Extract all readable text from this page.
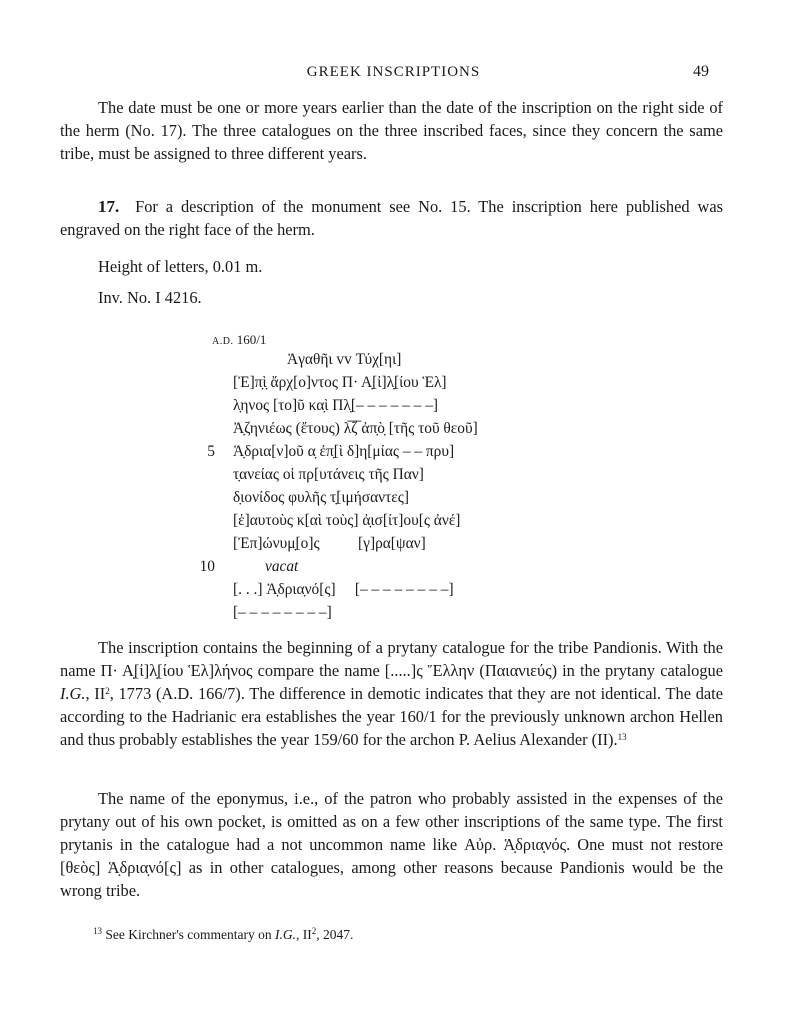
GREEK INSCRIPTIONS	49

The date must be one or more years earlier than the date of the inscription on the right side of the herm (No. 17). The three catalogues on the three inscribed faces, since they concern the same tribe, must be assigned to three different years.

17. For a description of the monument see No. 15. The inscription here published was engraved on the right face of the herm.

Height of letters, 0.01 m.

Inv. No. I 4216.

A.D. 160/1
Ἀγαθῆι vv Τύχ[ηι]
[Ἐ]π̣ὶ̣ ἄρχ[ο]ντος Π· Α̣[ἰ]λ̣[ίου Ἑλ]
λ̣ηνος [το]ῦ κα̣ὶ Πλ̣[– – – – – – –]
Ἀ̣ζηνιέως (ἔτους) λ̅ζ̅ ἀπ̣ὸ̣ [τῆς τοῦ θεοῦ]
5 Ἁ̣δρια[ν]οῦ α̣ ἐπ̣[ὶ δ]η[μίας – – πρυ]
τ̣ανείας οἱ πρ[υτάνεις τῆς Παν]
δ̣ιονίδος φυλῆς τ̣[ιμήσαντες]
[ἑ]αυτοὺς κ[αὶ τοὺς] ἀ̣ισ[ίτ]ου[ς ἀνέ]
[Ἐπ]ώνυμ̣[ο]ς          [γ]ρα[ψαν]
10	vacat
[. . .] Ἁ̣δρια̣νό[ς]     [– – – – – – – –]
[– – – – – – – –]

The inscription contains the beginning of a prytany catalogue for the tribe Pandionis. With the name Π· Α̣[ἰ]λ̣[ίου Ἑλ]λήνος compare the name [.....]ς Ἕλλην (Παιανιεύς) in the prytany catalogue I.G., $II^2$, 1773 (A.D. 166/7). The difference in demotic indicates that they are not identical. The date according to the Hadrianic era establishes the year 160/1 for the previously unknown archon Hellen and thus probably establishes the year 159/60 for the archon P. Aelius Alexander (II).$^{13}$

The name of the eponymus, i.e., of the patron who probably assisted in the expenses of the prytany out of his own pocket, is omitted as on a few other inscriptions of the same type. The first prytanis in the catalogue had a not uncommon name like Αὐρ. Ἁ̣δρια̣νός. One must not restore [θεὸς] Ἁ̣δρια̣νό[ς] as in other catalogues, among other reasons because Pandionis would be the wrong tribe.

$^{13}$ See Kirchner's commentary on I.G., $II^2$, 2047.
